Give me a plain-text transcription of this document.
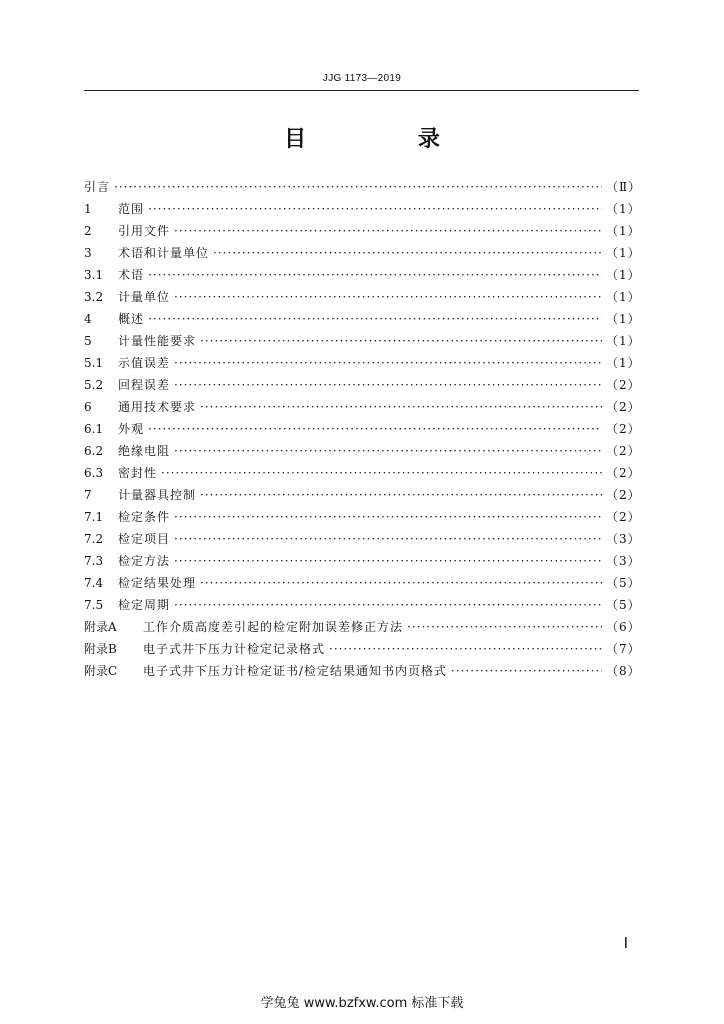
JJG 1173—2019
目 录
引言 ·····	（Ⅱ）
1	范围 ·····	（1）
2	引用文件 ·····	（1）
3	术语和计量单位 ·····	（1）
3.1	术语 ·····	（1）
3.2	计量单位 ·····	（1）
4	概述 ·····	（1）
5	计量性能要求 ·····	（1）
5.1	示值误差 ·····	（1）
5.2	回程误差 ·····	（2）
6	通用技术要求 ·····	（2）
6.1	外观 ·····	（2）
6.2	绝缘电阻 ·····	（2）
6.3	密封性 ·····	（2）
7	计量器具控制 ·····	（2）
7.1	检定条件 ·····	（2）
7.2	检定项目 ·····	（3）
7.3	检定方法 ·····	（3）
7.4	检定结果处理 ·····	（5）
7.5	检定周期 ·····	（5）
附录A	工作介质高度差引起的检定附加误差修正方法 ·····	（6）
附录B	电子式井下压力计检定记录格式 ·····	（7）
附录C	电子式井下压力计检定证书/检定结果通知书内页格式 ·····	（8）
Ⅰ
学兔兔 www.bzfxw.com 标准下载
